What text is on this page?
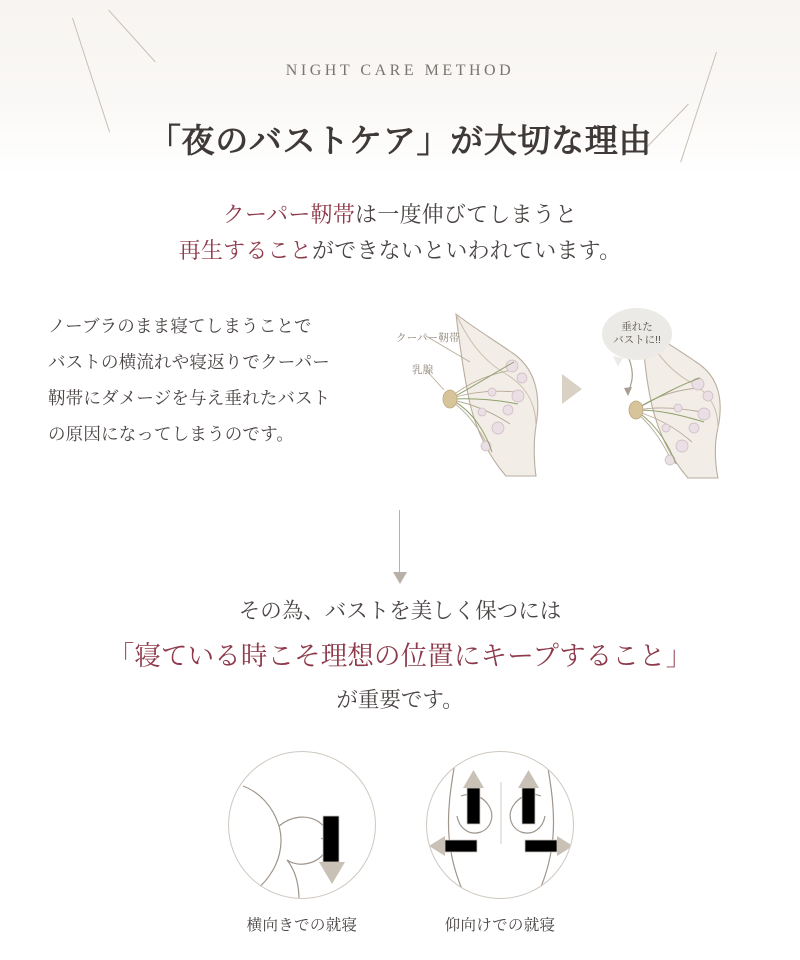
NIGHT CARE METHOD
「夜のバストケア」が大切な理由
クーパー靭帯は一度伸びてしまうと
再生することができないといわれています。
ノーブラのまま寝てしまうことで
バストの横流れや寝返りでクーパー
靭帯にダメージを与え垂れたバスト
の原因になってしまうのです。
クーパー靭帯
乳腺
垂れた
バストに!!
その為、バストを美しく保つには
「寝ている時こそ理想の位置にキープすること」
が重要です。
横向きでの就寝	仰向けでの就寝
